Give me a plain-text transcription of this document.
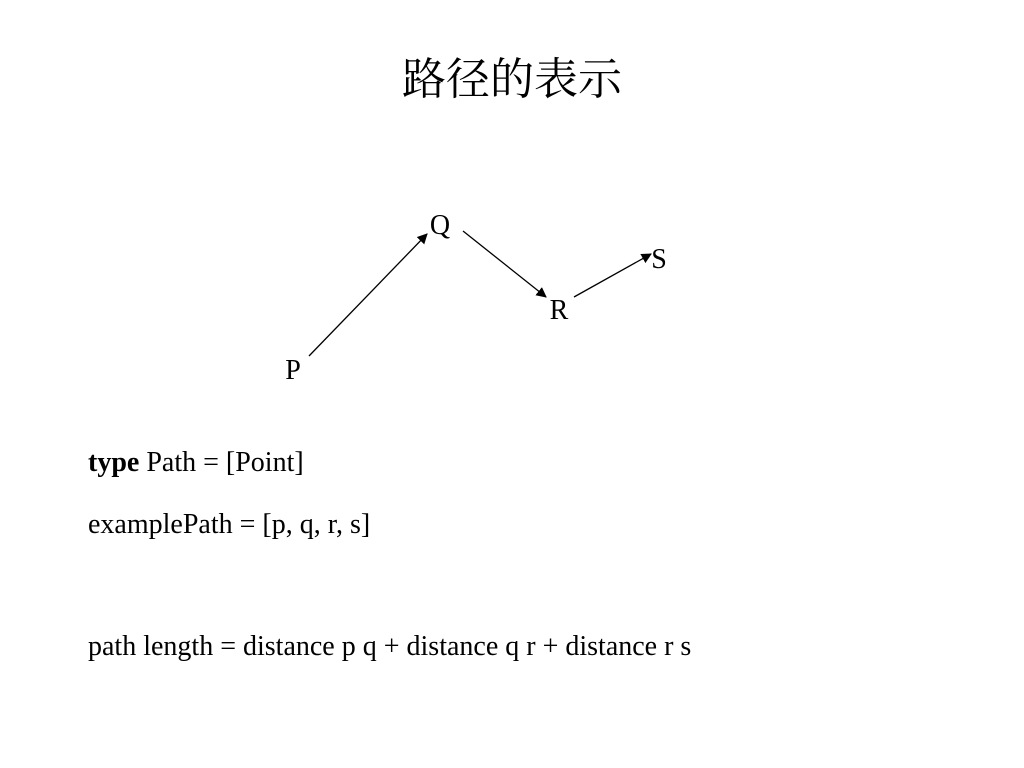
路径的表示
P
Q
R
S

type Path = [Point]

examplePath = [p, q, r, s]

path length = distance p q + distance q r + distance r s
